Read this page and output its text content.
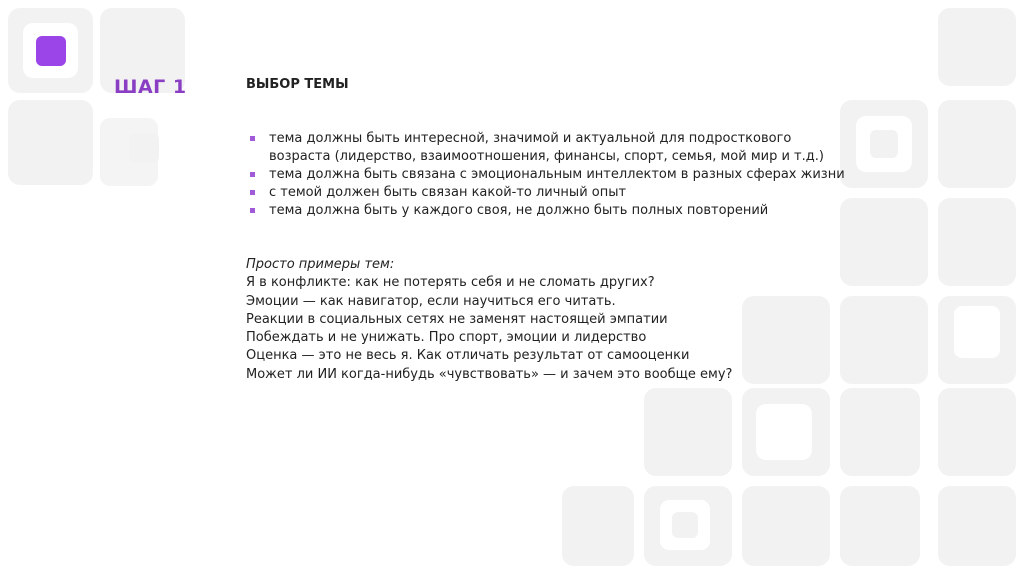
ШАГ 1	ВЫБОР ТЕМЫ
тема должны быть интересной, значимой и актуальной для подросткового возраста (лидерство, взаимоотношения, финансы, спорт, семья, мой мир и т.д.)
тема должна быть связана с эмоциональным интеллектом в разных сферах жизни
с темой должен быть связан какой-то личный опыт
тема должна быть у каждого своя, не должно быть полных повторений
Просто примеры тем:
Я в конфликте: как не потерять себя и не сломать других?
Эмоции — как навигатор, если научиться его читать.
Реакции в социальных сетях не заменят настоящей эмпатии
Побеждать и не унижать. Про спорт, эмоции и лидерство
Оценка — это не весь я. Как отличать результат от самооценки
Может ли ИИ когда-нибудь «чувствовать» — и зачем это вообще ему?
